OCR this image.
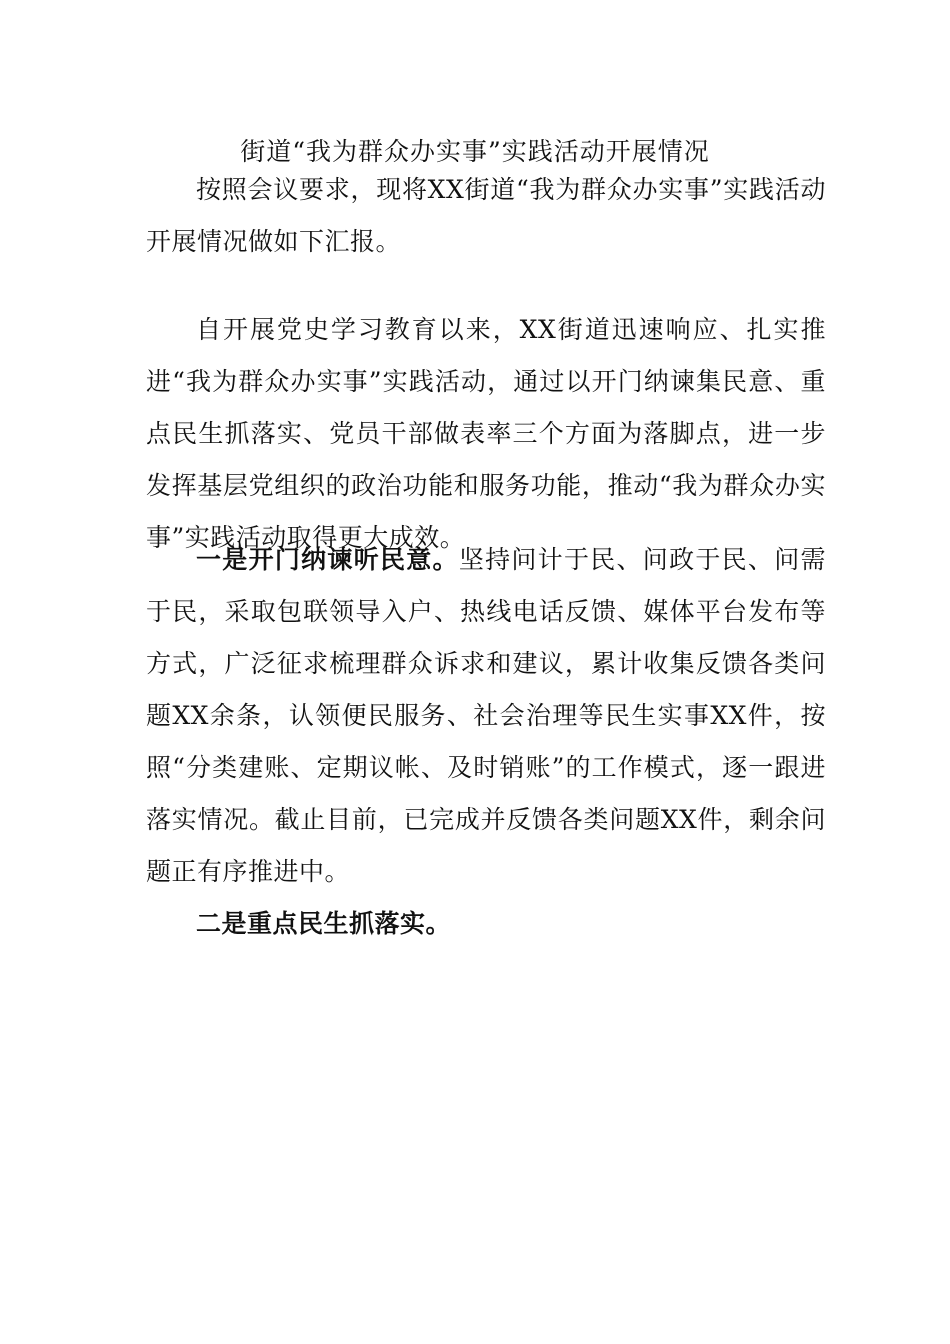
街道“我为群众办实事”实践活动开展情况

按照会议要求，现将XX街道“我为群众办实事”实践活动开展情况做如下汇报。

自开展党史学习教育以来，XX街道迅速响应、扎实推进“我为群众办实事”实践活动，通过以开门纳谏集民意、重点民生抓落实、党员干部做表率三个方面为落脚点，进一步发挥基层党组织的政治功能和服务功能，推动“我为群众办实事”实践活动取得更大成效。

一是开门纳谏听民意。坚持问计于民、问政于民、问需于民，采取包联领导入户、热线电话反馈、媒体平台发布等方式，广泛征求梳理群众诉求和建议，累计收集反馈各类问题XX余条，认领便民服务、社会治理等民生实事XX件，按照“分类建账、定期议帐、及时销账”的工作模式，逐一跟进落实情况。截止目前，已完成并反馈各类问题XX件，剩余问题正有序推进中。

二是重点民生抓落实。
